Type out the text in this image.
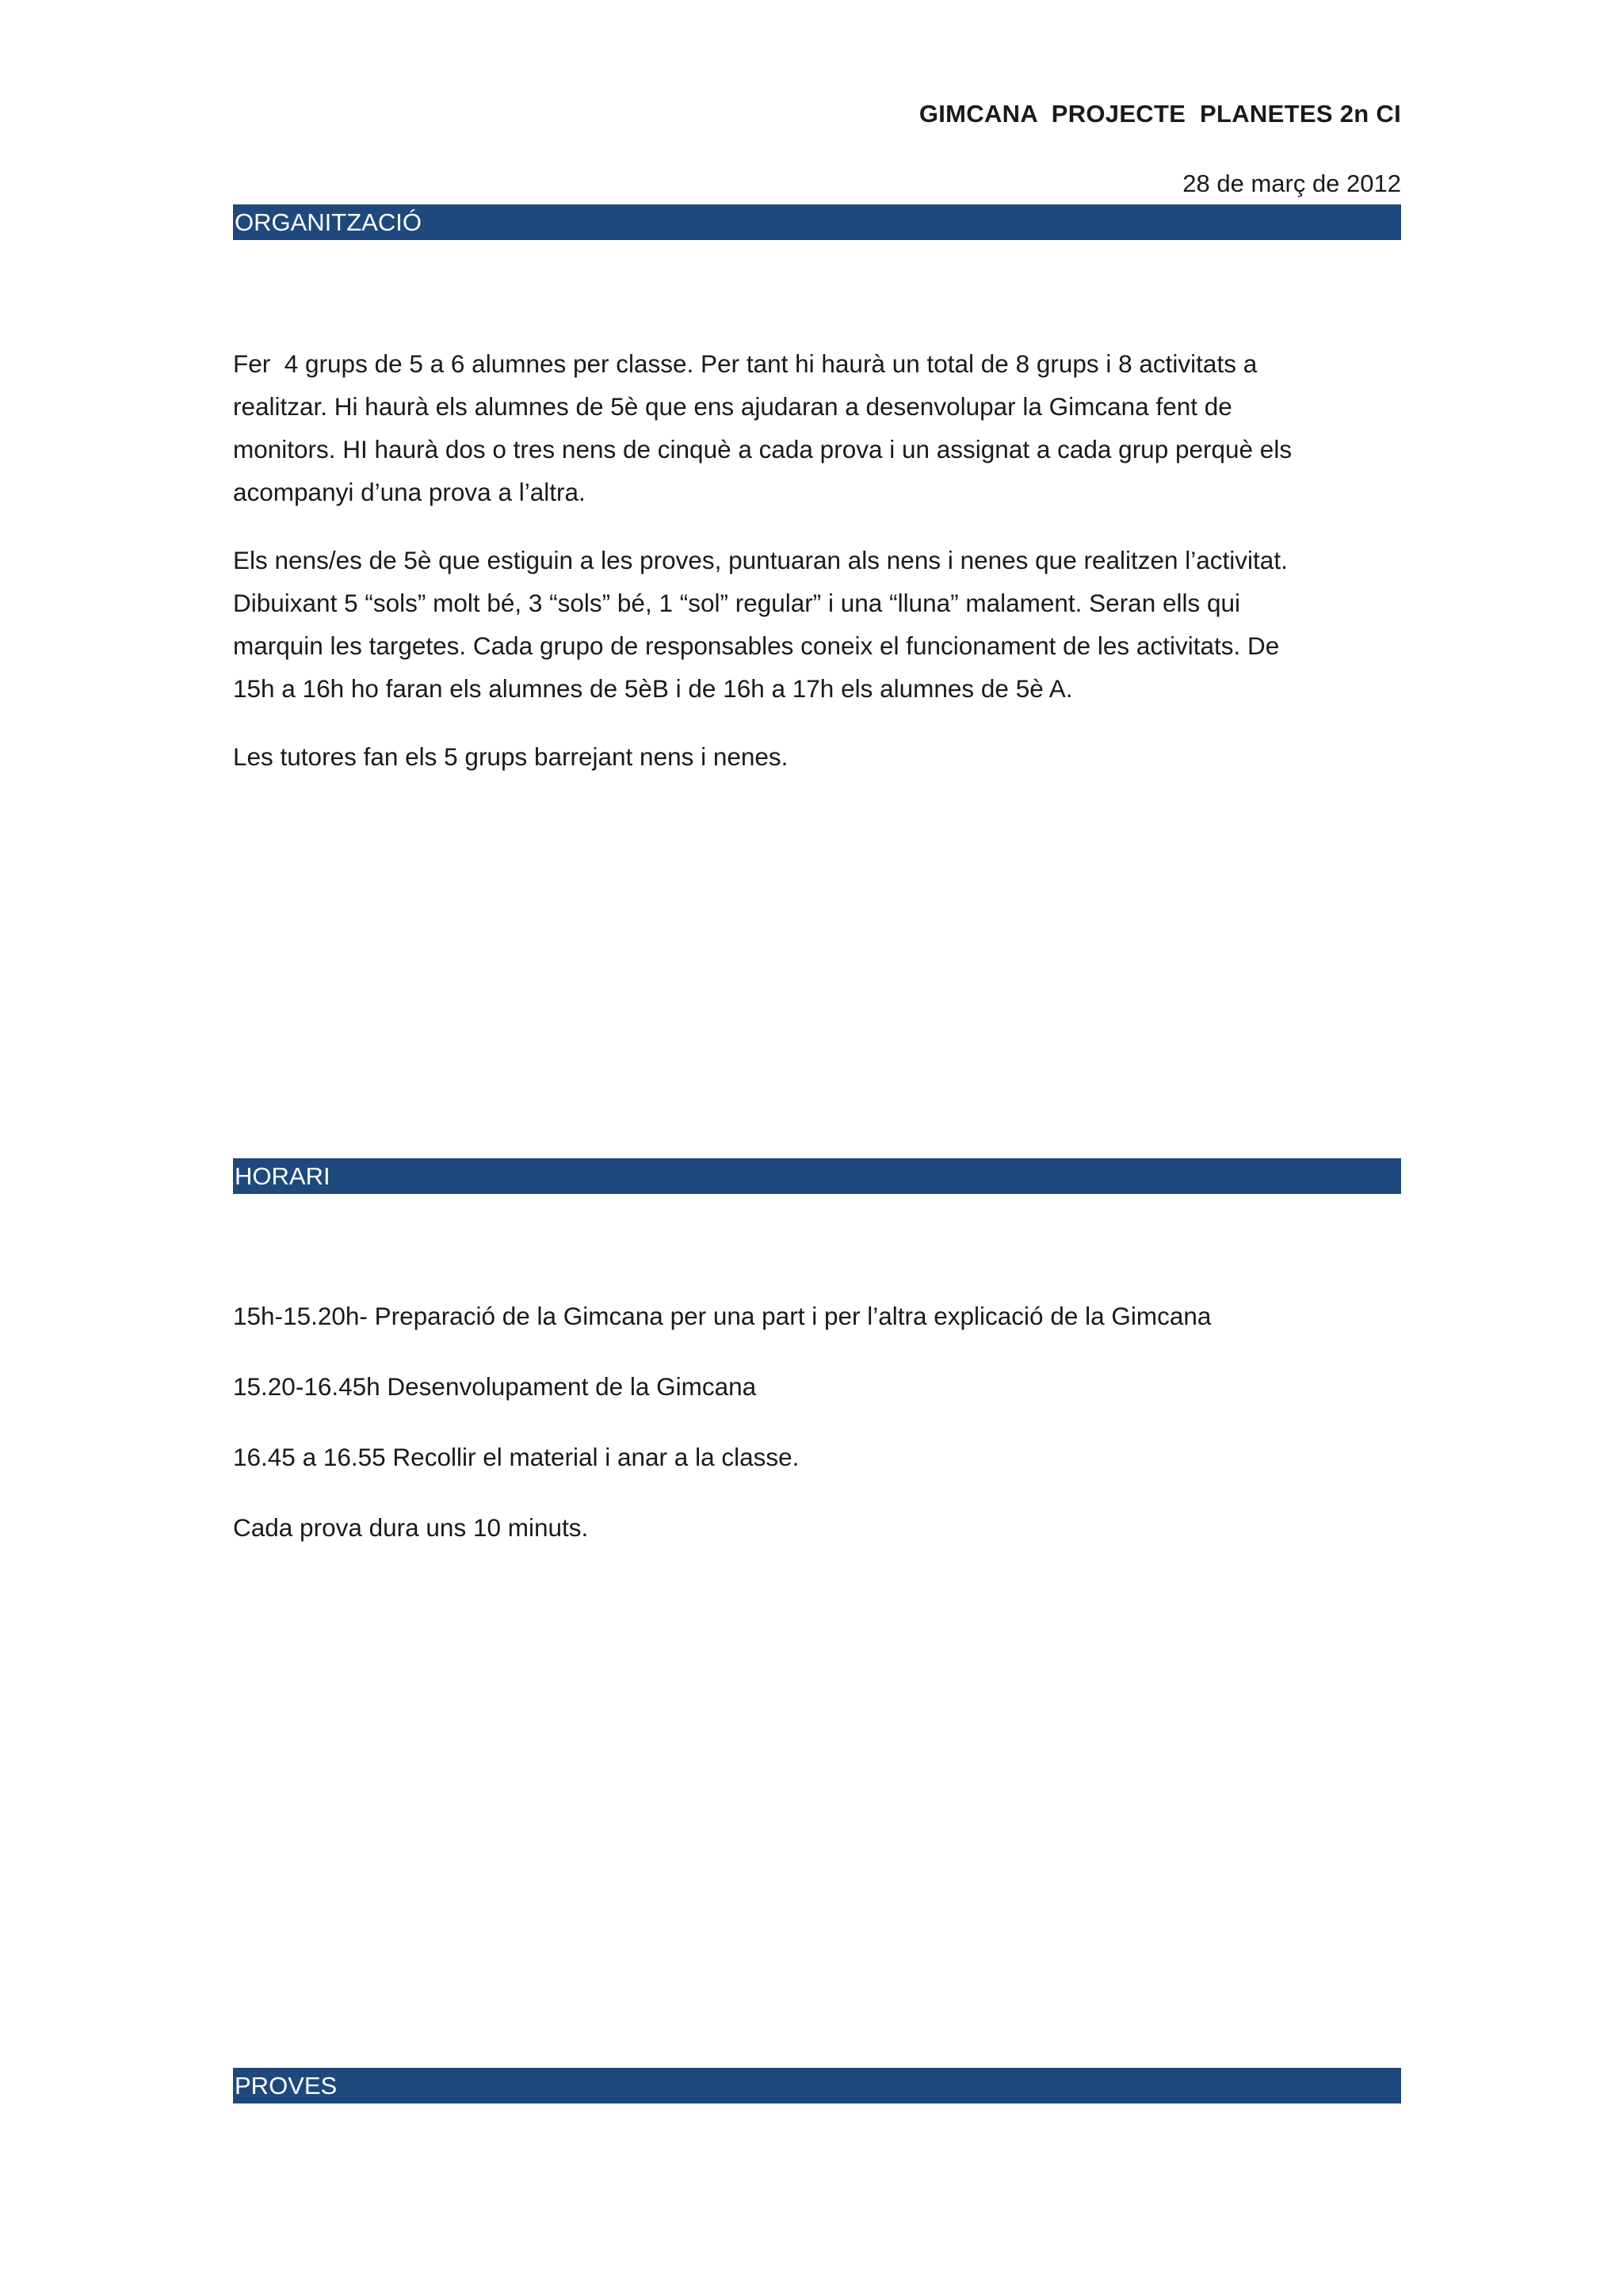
GIMCANA  PROJECTE  PLANETES 2n CI
28 de març de 2012
ORGANITZACIÓ
Fer  4 grups de 5 a 6 alumnes per classe. Per tant hi haurà un total de 8 grups i 8 activitats a
realitzar. Hi haurà els alumnes de 5è que ens ajudaran a desenvolupar la Gimcana fent de
monitors. HI haurà dos o tres nens de cinquè a cada prova i un assignat a cada grup perquè els
acompanyi d’una prova a l’altra.
Els nens/es de 5è que estiguin a les proves, puntuaran als nens i nenes que realitzen l’activitat.
Dibuixant 5 “sols” molt bé, 3 “sols” bé, 1 “sol” regular” i una “lluna” malament. Seran ells qui
marquin les targetes. Cada grupo de responsables coneix el funcionament de les activitats. De
15h a 16h ho faran els alumnes de 5èB i de 16h a 17h els alumnes de 5è A.
Les tutores fan els 5 grups barrejant nens i nenes.
HORARI
15h-15.20h- Preparació de la Gimcana per una part i per l’altra explicació de la Gimcana
15.20-16.45h Desenvolupament de la Gimcana
16.45 a 16.55 Recollir el material i anar a la classe.
Cada prova dura uns 10 minuts.
PROVES
